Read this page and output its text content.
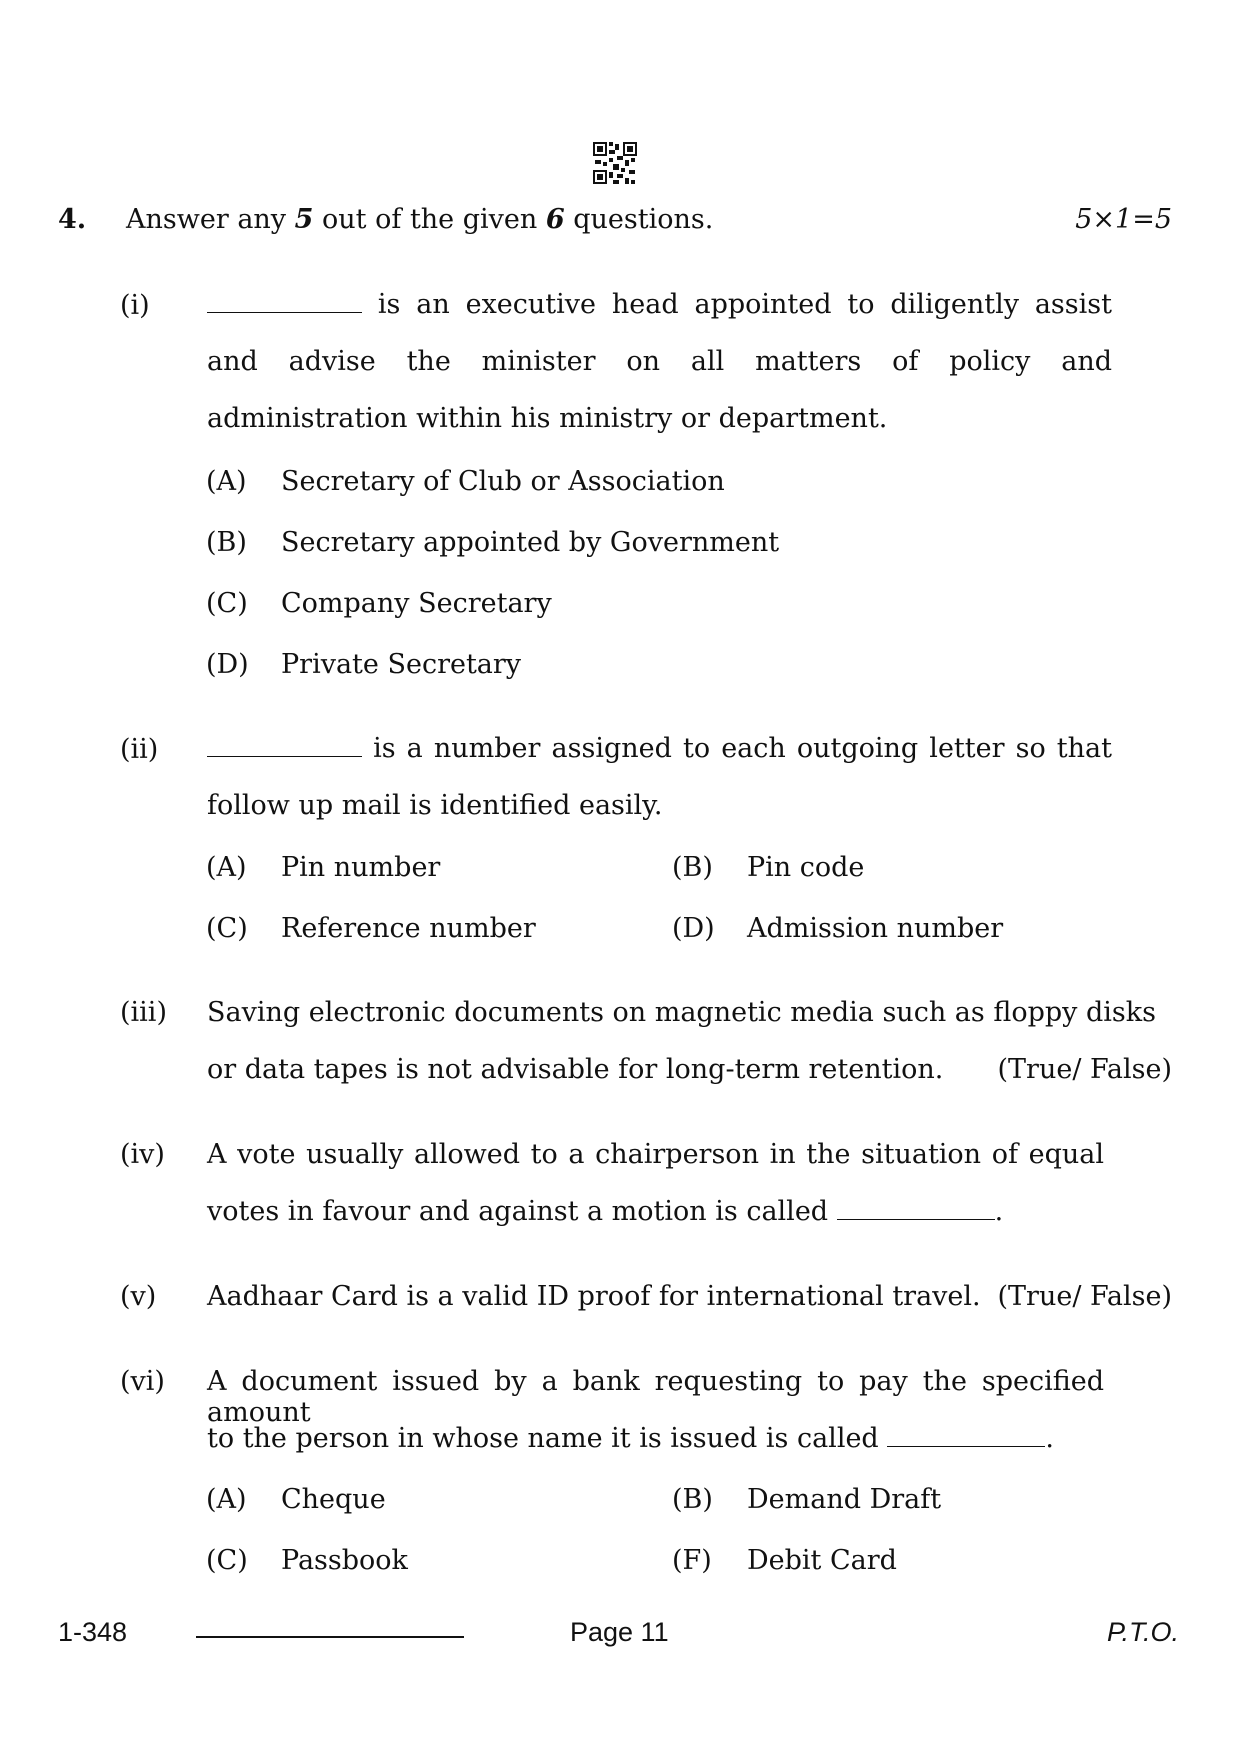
4. Answer any 5 out of the given 6 questions.	5×1=5
(i)	is an executive head appointed to diligently assist and advise the minister on all matters of policy and administration within his ministry or department.
(A) Secretary of Club or Association
(B) Secretary appointed by Government
(C) Company Secretary
(D) Private Secretary
(ii)	is a number assigned to each outgoing letter so that follow up mail is identified easily.
(A) Pin number	(B) Pin code
(C) Reference number	(D) Admission number
(iii) Saving electronic documents on magnetic media such as floppy disks
or data tapes is not advisable for long-term retention. (True/ False)
(iv) A vote usually allowed to a chairperson in the situation of equal
votes in favour and against a motion is called	.
(v) Aadhaar Card is a valid ID proof for international travel. (True/ False)
(vi) A document issued by a bank requesting to pay the specified amount
to the person in whose name it is issued is called	.
(A) Cheque	(B) Demand Draft
(C) Passbook	(F) Debit Card
1-348	Page 11	P.T.O.
